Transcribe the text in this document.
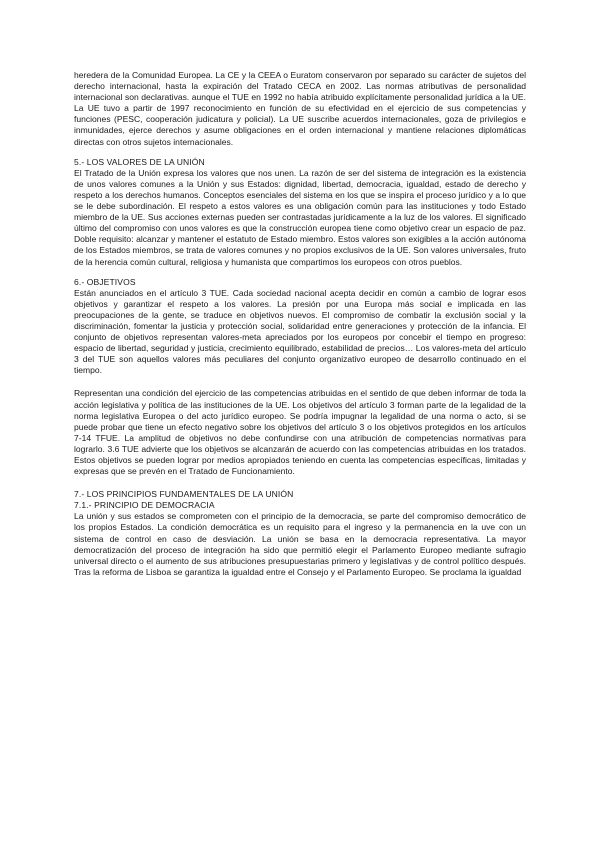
heredera de la Comunidad Europea. La CE y la CEEA o Euratom conservaron por separado su carácter de sujetos del derecho internacional, hasta la expiración del Tratado CECA en 2002. Las normas atributivas de personalidad internacional son declarativas. aunque el TUE en 1992 no había atribuido explícitamente personalidad jurídica a la UE. La UE tuvo a partir de 1997 reconocimiento en función de su efectividad en el ejercicio de sus competencias y funciones (PESC, cooperación judicatura y policial). La UE suscribe acuerdos internacionales, goza de privilegios e inmunidades, ejerce derechos y asume obligaciones en el orden internacional y mantiene relaciones diplomáticas directas con otros sujetos internacionales.

5.- LOS VALORES DE LA UNIÓN

El Tratado de la Unión expresa los valores que nos unen. La razón de ser del sistema de integración es la existencia de unos valores comunes a la Unión y sus Estados: dignidad, libertad, democracia, igualdad, estado de derecho y respeto a los derechos humanos. Conceptos esenciales del sistema en los que se inspira el proceso jurídico y a lo que se le debe subordinación. El respeto a estos valores es una obligación común para las instituciones y todo Estado miembro de la UE. Sus acciones externas pueden ser contrastadas jurídicamente a la luz de los valores. El significado último del compromiso con unos valores es que la construcción europea tiene como objetivo crear un espacio de paz. Doble requisito: alcanzar y mantener el estatuto de Estado miembro. Estos valores son exigibles a la acción autónoma de los Estados miembros, se trata de valores comunes y no propios exclusivos de la UE. Son valores universales, fruto de la herencia común cultural, religiosa y humanista que compartimos los europeos con otros pueblos.

6.- OBJETIVOS

Están anunciados en el artículo 3 TUE. Cada sociedad nacional acepta decidir en común a cambio de lograr esos objetivos y garantizar el respeto a los valores. La presión por una Europa más social e implicada en las preocupaciones de la gente, se traduce en objetivos nuevos. El compromiso de combatir la exclusión social y la discriminación, fomentar la justicia y protección social, solidaridad entre generaciones y protección de la infancia. El conjunto de objetivos representan valores-meta apreciados por los europeos por concebir el tiempo en progreso: espacio de libertad, seguridad y justicia, crecimiento equilibrado, estabilidad de precios… Los valores-meta del artículo 3 del TUE son aquellos valores más peculiares del conjunto organizativo europeo de desarrollo continuado en el tiempo.

Representan una condición del ejercicio de las competencias atribuidas en el sentido de que deben informar de toda la acción legislativa y política de las instituciones de la UE. Los objetivos del artículo 3 forman parte de la legalidad de la norma legislativa Europea o del acto jurídico europeo. Se podría impugnar la legalidad de una norma o acto, si se puede probar que tiene un efecto negativo sobre los objetivos del artículo 3 o los objetivos protegidos en los artículos 7-14 TFUE. La amplitud de objetivos no debe confundirse con una atribución de competencias normativas para lograrlo. 3.6 TUE advierte que los objetivos se alcanzarán de acuerdo con las competencias atribuidas en los tratados. Estos objetivos se pueden lograr por medios apropiados teniendo en cuenta las competencias específicas, limitadas y expresas que se prevén en el Tratado de Funcionamiento.

7.- LOS PRINCIPIOS FUNDAMENTALES DE LA UNIÓN

7.1.- PRINCIPIO DE DEMOCRACIA

La unión y sus estados se comprometen con el principio de la democracia, se parte del compromiso democrático de los propios Estados. La condición democrática es un requisito para el ingreso y la permanencia en la uve con un sistema de control en caso de desviación. La unión se basa en la democracia representativa. La mayor democratización del proceso de integración ha sido que permitió elegir el Parlamento Europeo mediante sufragio universal directo o el aumento de sus atribuciones presupuestarias primero y legislativas y de control político después. Tras la reforma de Lisboa se garantiza la igualdad entre el Consejo y el Parlamento Europeo. Se proclama la igualdad
